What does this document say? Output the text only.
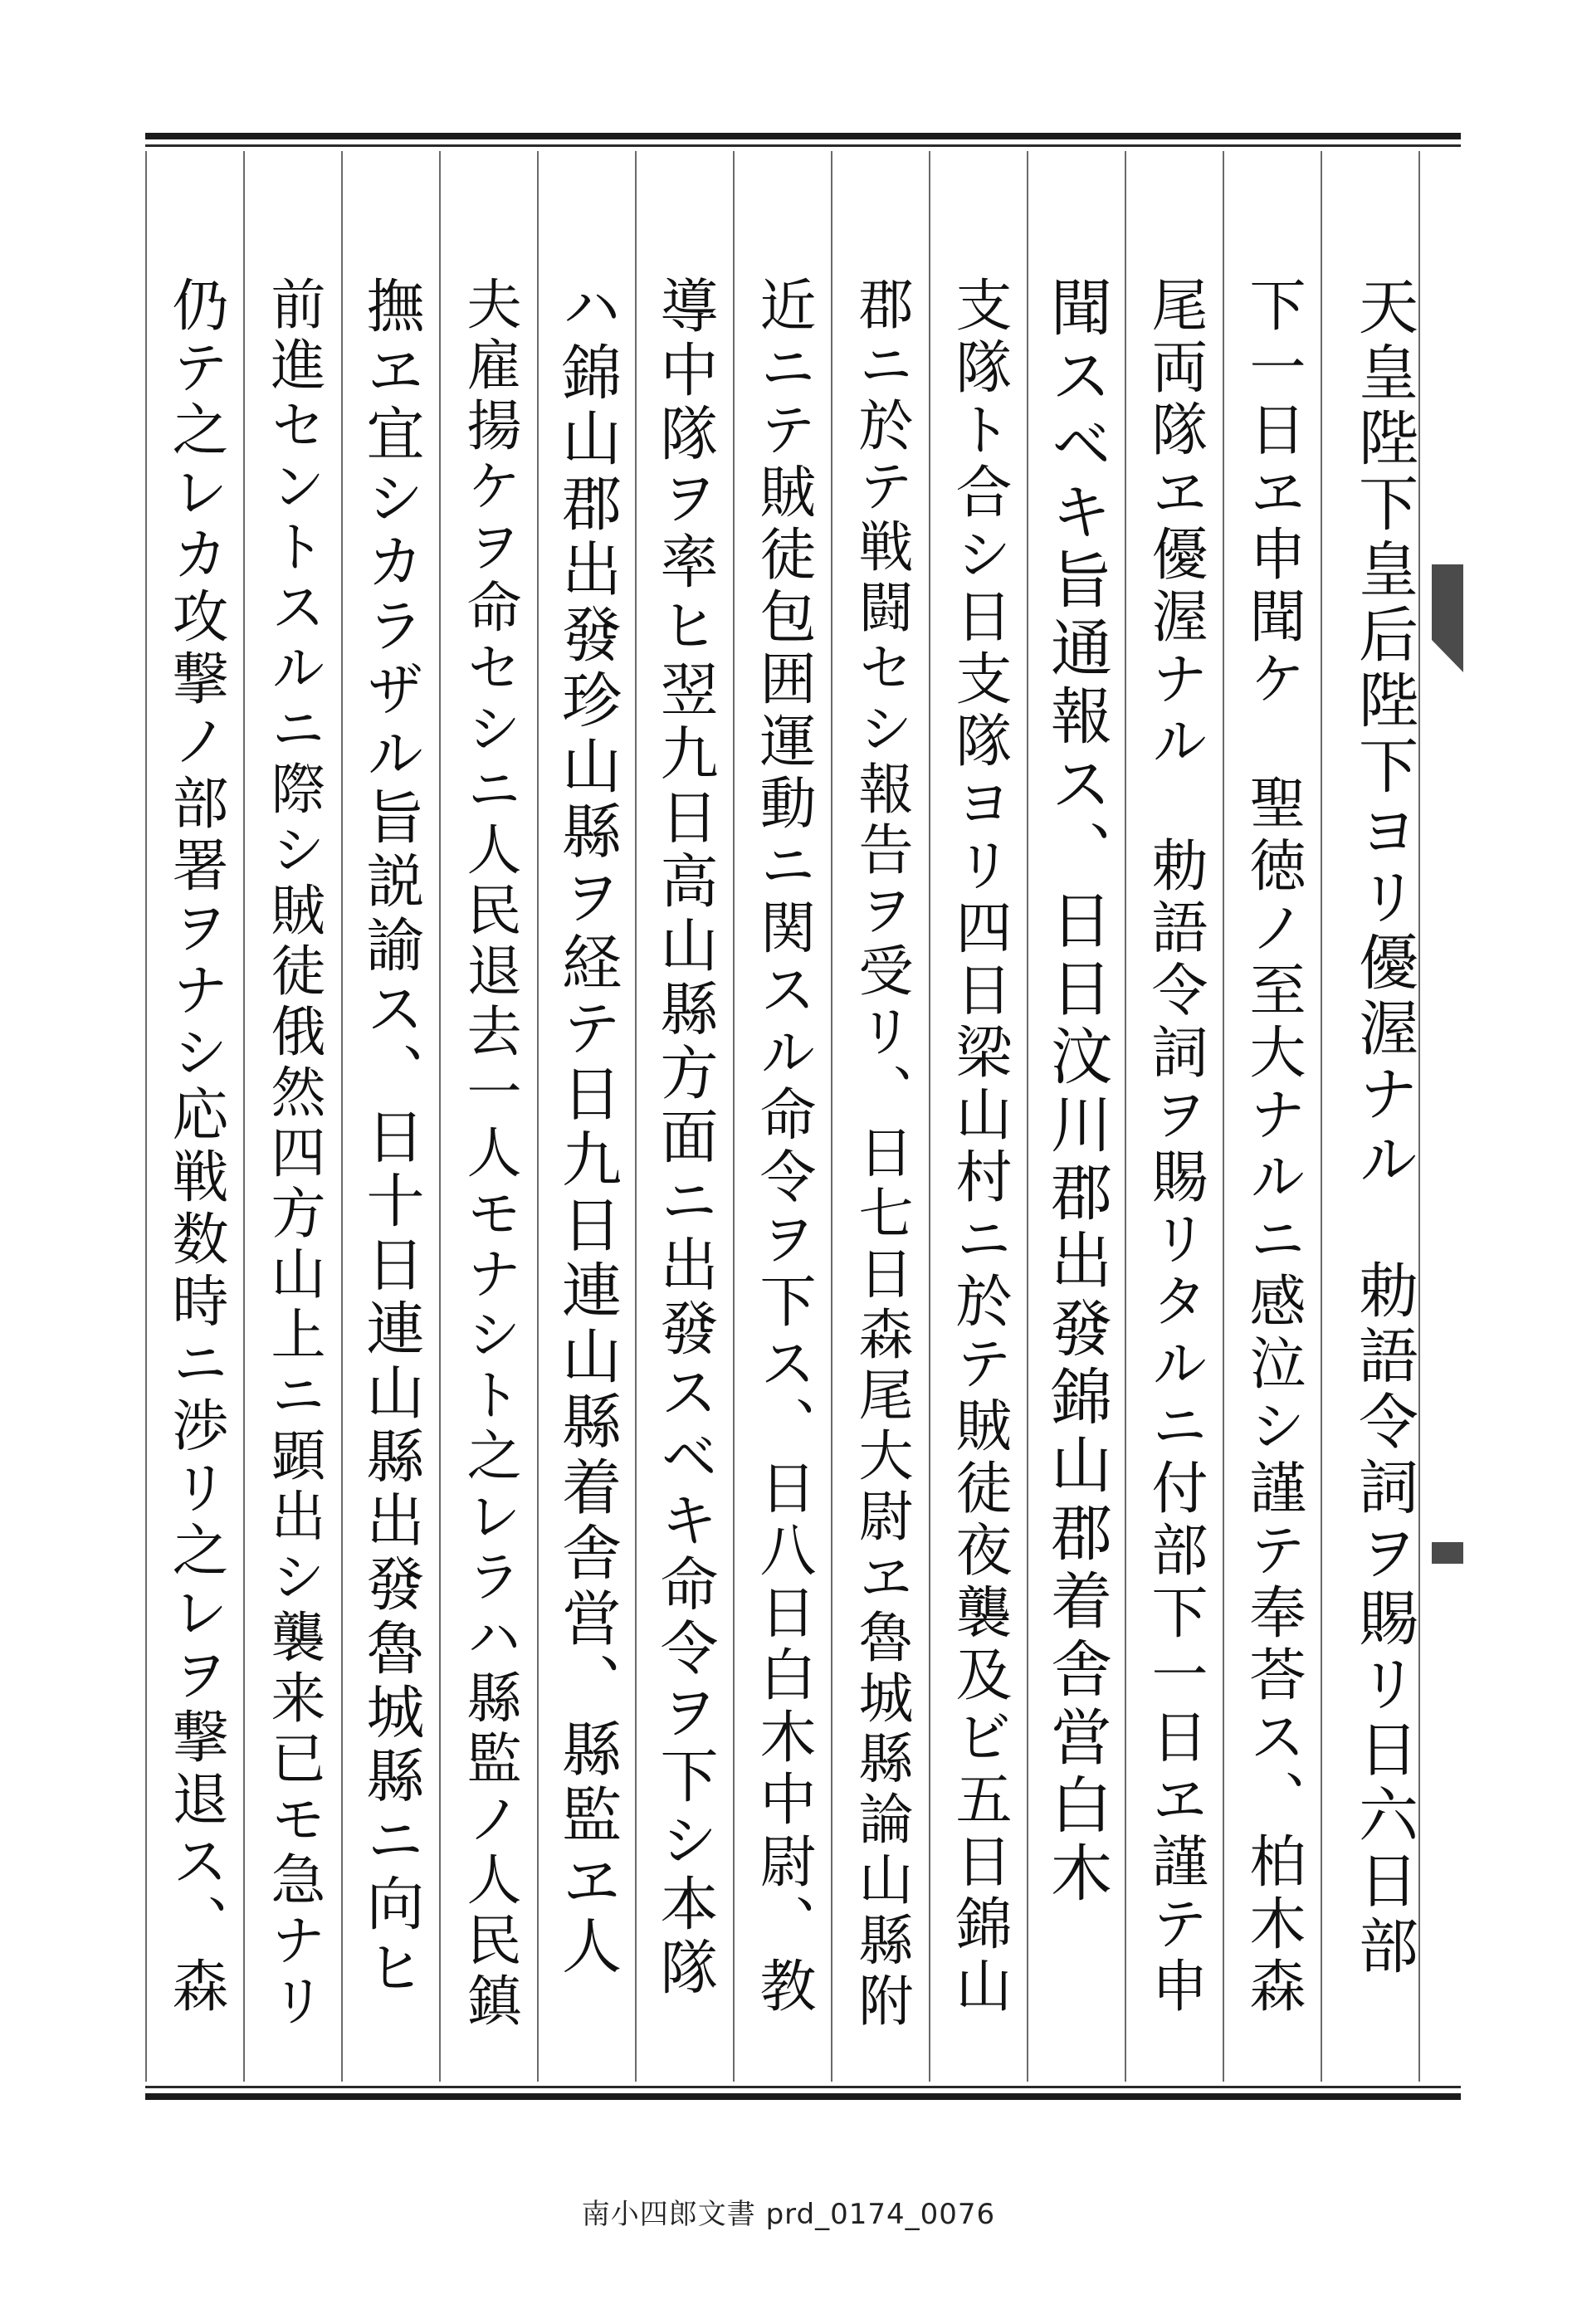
天皇陛下皇后陛下ヨリ優渥ナル　勅語令詞ヲ賜リ日六日部
下一日ヱ申聞ケ　聖徳ノ至大ナルニ感泣シ謹テ奉荅ス、柏木森
尾両隊ヱ優渥ナル　勅語令詞ヲ賜リタルニ付部下一日ヱ謹テ申
聞スベキ旨通報ス、日日汶川郡出發錦山郡着舎営白木
支隊ト合シ日支隊ヨリ四日梁山村ニ於テ賊徒夜襲及ビ五日錦山
郡ニ於テ戦闘セシ報告ヲ受リ、日七日森尾大尉ヱ魯城縣論山縣附
近ニテ賊徒包囲運動ニ関スル命令ヲ下ス、日八日白木中尉、教
導中隊ヲ率ヒ翌九日高山縣方面ニ出發スベキ命令ヲ下シ本隊
ハ錦山郡出發珍山縣ヲ経テ日九日連山縣着舎営、縣監ヱ人
夫雇揚ケヲ命セシニ人民退去一人モナシト之レラハ縣監ノ人民鎮
撫ヱ宜シカラザル旨説諭ス、日十日連山縣出發魯城縣ニ向ヒ
前進セントスルニ際シ賊徒俄然四方山上ニ顕出シ襲来已モ急ナリ
仍テ之レカ攻撃ノ部署ヲナシ応戦数時ニ渉リ之レヲ撃退ス、森
南小四郎文書 prd_0174_0076
